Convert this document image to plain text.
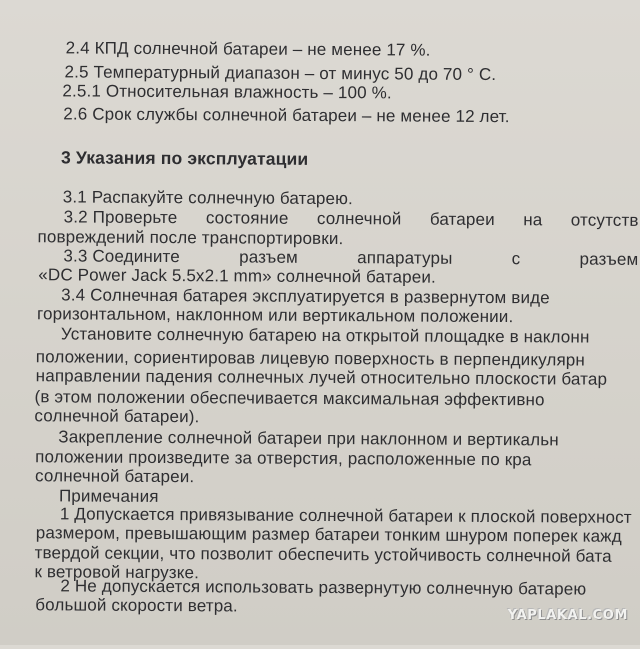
2.4 КПД солнечной батареи – не менее 17 %.
2.5 Температурный диапазон – от минус 50 до 70 ° С.
2.5.1 Относительная влажность – 100 %.
2.6 Срок службы солнечной батареи – не менее 12 лет.
3 Указания по эксплуатации
3.1 Распакуйте солнечную батарею.
3.2 Проверьте состояние солнечной батареи на отсутств
повреждений после транспортировки.
3.3 Соедините	разъем	аппаратуры	с	разъем
«DC Power Jack 5.5x2.1 mm» солнечной батареи.
3.4 Солнечная батарея эксплуатируется в развернутом виде
горизонтальном, наклонном или вертикальном положении.
Установите солнечную батарею на открытой площадке в наклонн
положении, сориентировав лицевую поверхность в перпендикулярн
направлении падения солнечных лучей относительно плоскости батар
(в этом положении обеспечивается максимальная эффективно
солнечной батареи).
Закрепление солнечной батареи при наклонном и вертикальн
положении произведите за отверстия, расположенные по кра
солнечной батареи.
Примечания
1 Допускается привязывание солнечной батареи к плоской поверхност
размером, превышающим размер батареи тонким шнуром поперек кажд
твердой секции, что позволит обеспечить устойчивость солнечной бата
к ветровой нагрузке.
2 Не допускается использовать развернутую солнечную батарею
большой скорости ветра.
YAPLAKAL.COM
